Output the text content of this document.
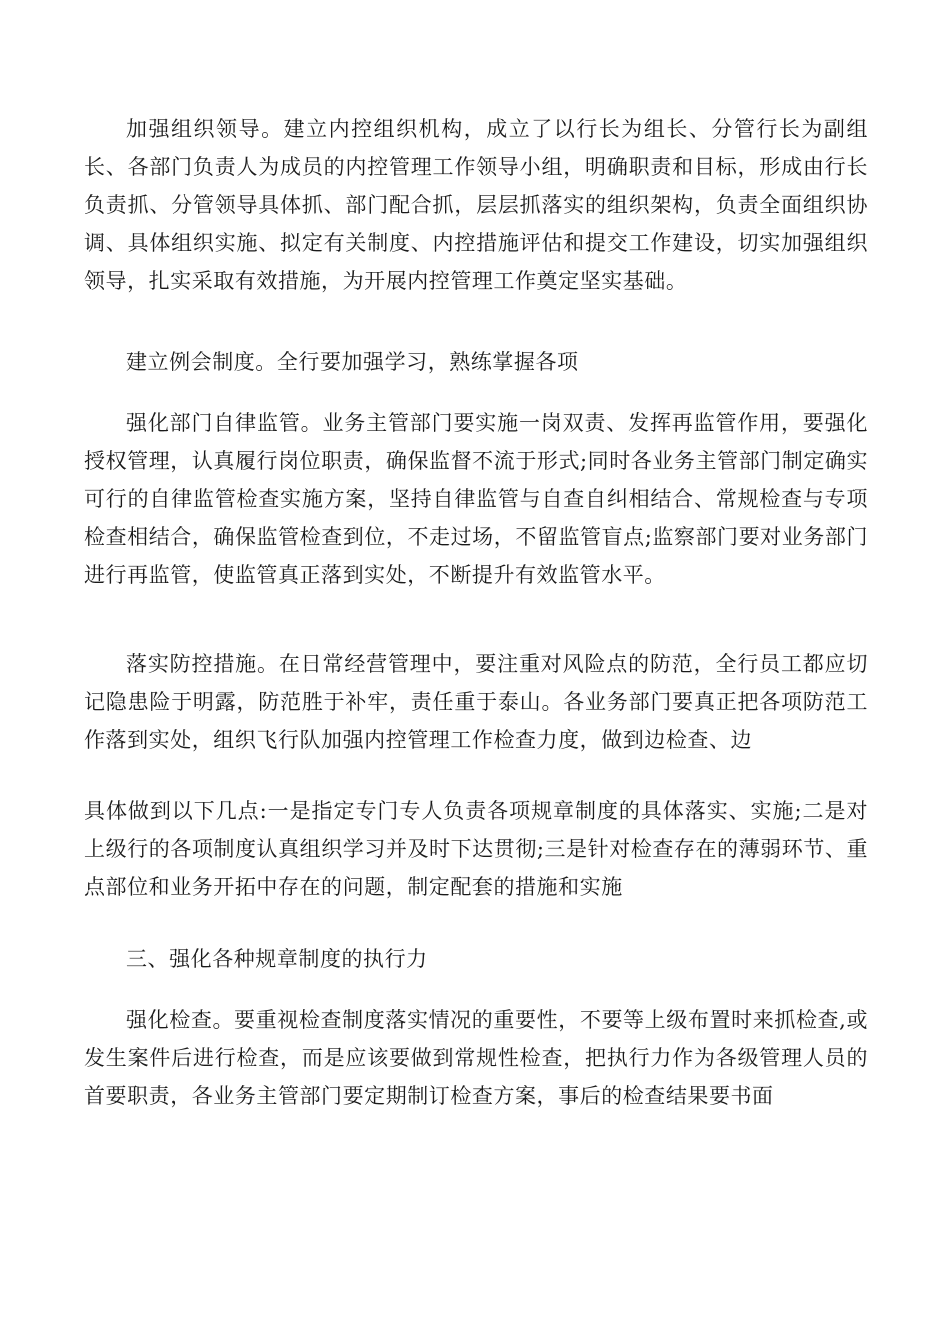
加强组织领导。建立内控组织机构，成立了以行长为组长、分管行长为副组长、各部门负责人为成员的内控管理工作领导小组，明确职责和目标，形成由行长负责抓、分管领导具体抓、部门配合抓，层层抓落实的组织架构，负责全面组织协调、具体组织实施、拟定有关制度、内控措施评估和提交工作建设，切实加强组织领导，扎实采取有效措施，为开展内控管理工作奠定坚实基础。

建立例会制度。全行要加强学习，熟练掌握各项

强化部门自律监管。业务主管部门要实施一岗双责、发挥再监管作用，要强化授权管理，认真履行岗位职责，确保监督不流于形式;同时各业务主管部门制定确实可行的自律监管检查实施方案，坚持自律监管与自查自纠相结合、常规检查与专项检查相结合，确保监管检查到位，不走过场，不留监管盲点;监察部门要对业务部门进行再监管，使监管真正落到实处，不断提升有效监管水平。

落实防控措施。在日常经营管理中，要注重对风险点的防范，全行员工都应切记隐患险于明露，防范胜于补牢，责任重于泰山。各业务部门要真正把各项防范工作落到实处，组织飞行队加强内控管理工作检查力度，做到边检查、边

具体做到以下几点:一是指定专门专人负责各项规章制度的具体落实、实施;二是对上级行的各项制度认真组织学习并及时下达贯彻;三是针对检查存在的薄弱环节、重点部位和业务开拓中存在的问题，制定配套的措施和实施

三、强化各种规章制度的执行力

强化检查。要重视检查制度落实情况的重要性，不要等上级布置时来抓检查,或发生案件后进行检查，而是应该要做到常规性检查，把执行力作为各级管理人员的首要职责，各业务主管部门要定期制订检查方案，事后的检查结果要书面
